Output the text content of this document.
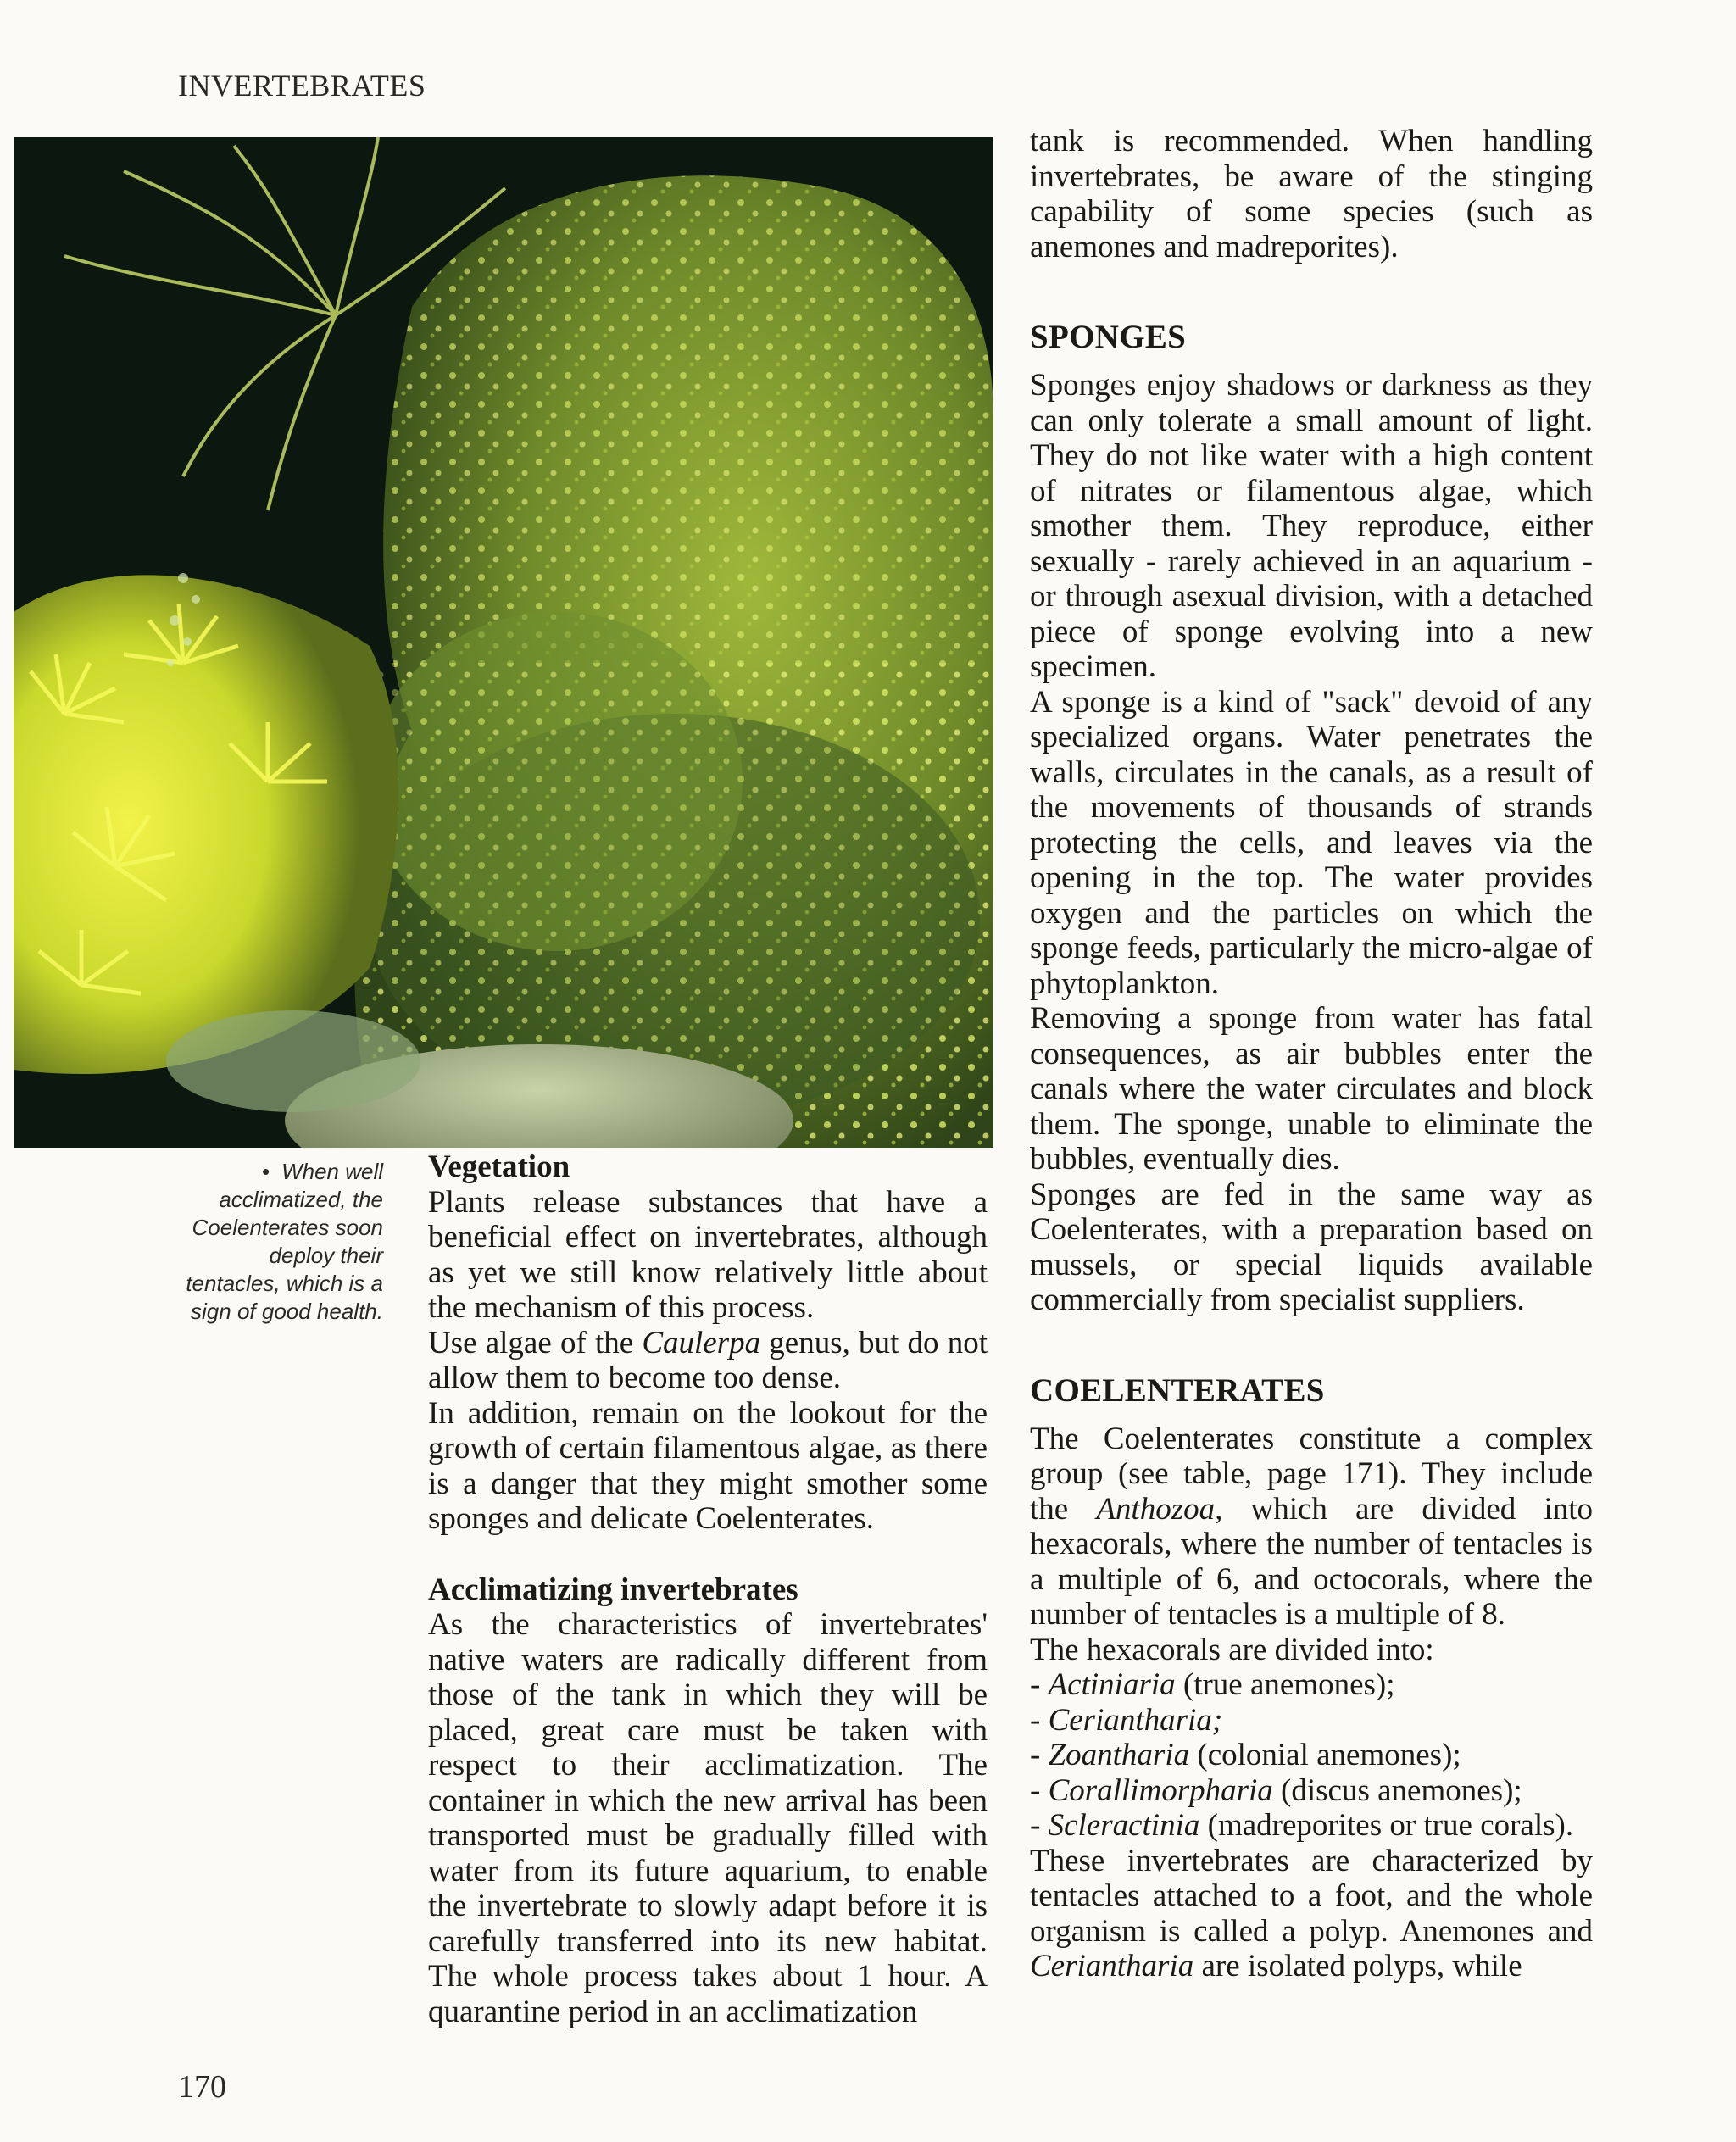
INVERTEBRATES
• When well acclimatized, the Coelenterates soon deploy their tentacles, which is a sign of good health.
Vegetation

Plants release substances that have a beneficial effect on invertebrates, although as yet we still know relatively little about the mechanism of this process.

Use algae of the Caulerpa genus, but do not allow them to become too dense.

In addition, remain on the lookout for the growth of certain filamentous algae, as there is a danger that they might smother some sponges and delicate Coelenterates.

Acclimatizing invertebrates

As the characteristics of invertebrates' native waters are radically different from those of the tank in which they will be placed, great care must be taken with respect to their acclimatization. The container in which the new arrival has been transported must be gradually filled with water from its future aquarium, to enable the invertebrate to slowly adapt before it is carefully transferred into its new habitat. The whole process takes about 1 hour. A quarantine period in an acclimatization

tank is recommended. When handling invertebrates, be aware of the stinging capability of some species (such as anemones and madreporites).

SPONGES

Sponges enjoy shadows or darkness as they can only tolerate a small amount of light. They do not like water with a high content of nitrates or filamentous algae, which smother them. They reproduce, either sexually - rarely achieved in an aquarium - or through asexual division, with a detached piece of sponge evolving into a new specimen.

A sponge is a kind of "sack" devoid of any specialized organs. Water penetrates the walls, circulates in the canals, as a result of the movements of thousands of strands protecting the cells, and leaves via the opening in the top. The water provides oxygen and the particles on which the sponge feeds, particularly the micro-algae of phytoplankton.

Removing a sponge from water has fatal consequences, as air bubbles enter the canals where the water circulates and block them. The sponge, unable to eliminate the bubbles, eventually dies.

Sponges are fed in the same way as Coelenterates, with a preparation based on mussels, or special liquids available commercially from specialist suppliers.

COELENTERATES

The Coelenterates constitute a complex group (see table, page 171). They include the Anthozoa, which are divided into hexacorals, where the number of tentacles is a multiple of 6, and octocorals, where the number of tentacles is a multiple of 8.

The hexacorals are divided into:

- Actiniaria (true anemones);

- Ceriantharia;

- Zoantharia (colonial anemones);

- Corallimorpharia (discus anemones);

- Scleractinia (madreporites or true corals).

These invertebrates are characterized by tentacles attached to a foot, and the whole organism is called a polyp. Anemones and Ceriantharia are isolated polyps, while

170
